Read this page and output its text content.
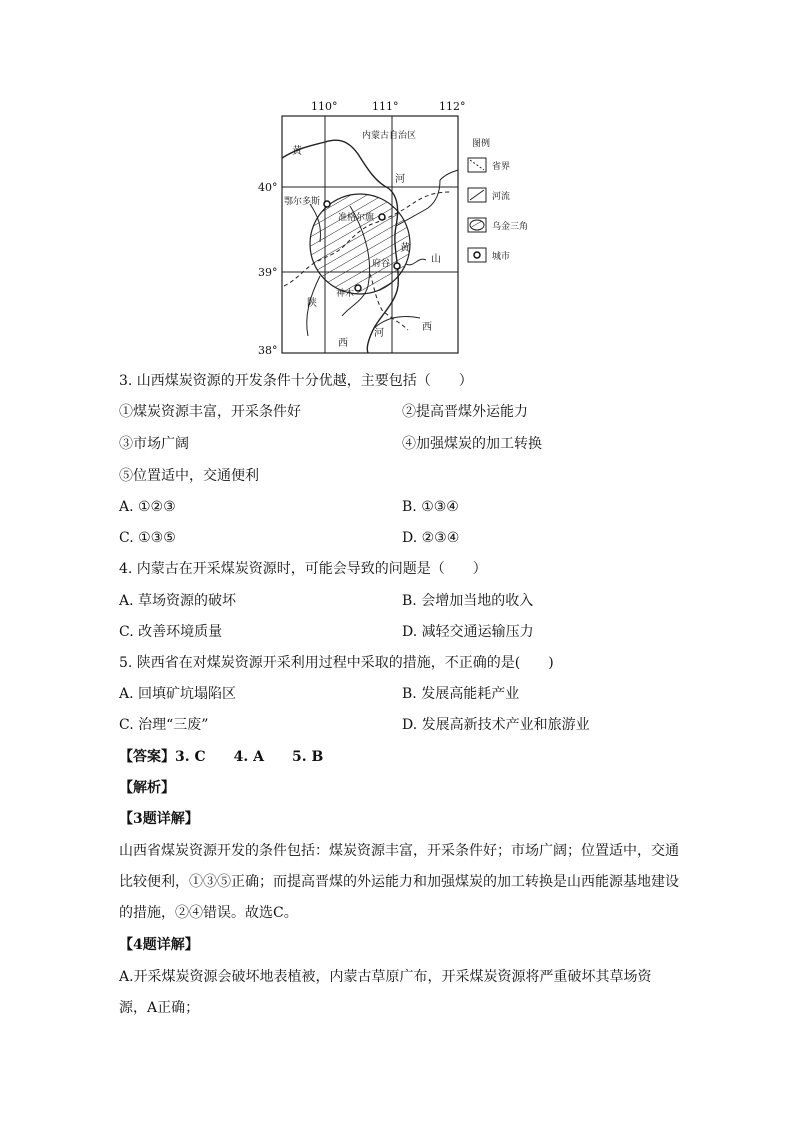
110°	111°	112°
40°
39°
38°
内蒙古自治区
鄂尔多斯
准格尔旗
府谷
神木
黄
河
黄
山
陕
西
河
西
图例
省界
河流
乌金三角
城市
3. 山西煤炭资源的开发条件十分优越，主要包括（　　）
①煤炭资源丰富，开采条件好	②提高晋煤外运能力
③市场广阔	④加强煤炭的加工转换
⑤位置适中，交通便利
A. ①②③	B. ①③④
C. ①③⑤	D. ②③④
4. 内蒙古在开采煤炭资源时，可能会导致的问题是（　　）
A. 草场资源的破坏	B. 会增加当地的收入
C. 改善环境质量	D. 减轻交通运输压力
5. 陕西省在对煤炭资源开采利用过程中采取的措施，不正确的是(　　)
A. 回填矿坑塌陷区	B. 发展高能耗产业
C. 治理“三废”	D. 发展高新技术产业和旅游业
【答案】3. C　　4. A　　5. B
【解析】
【3题详解】
山西省煤炭资源开发的条件包括：煤炭资源丰富，开采条件好；市场广阔；位置适中，交通比较便利，①③⑤正确；而提高晋煤的外运能力和加强煤炭的加工转换是山西能源基地建设的措施，②④错误。故选C。
【4题详解】
A.开采煤炭资源会破坏地表植被，内蒙古草原广布，开采煤炭资源将严重破坏其草场资源，A正确；
